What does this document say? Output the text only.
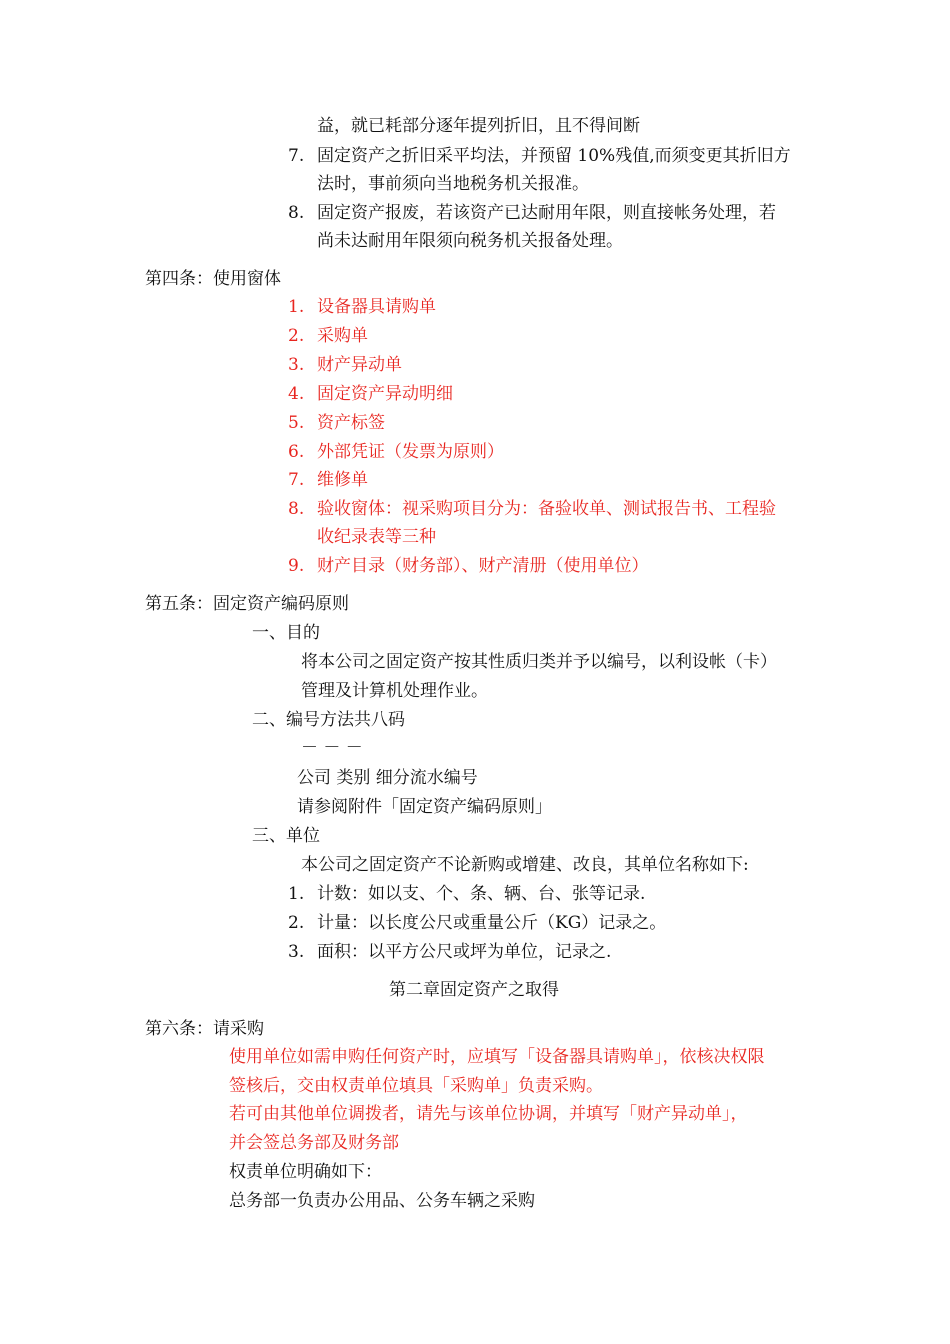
益，就已耗部分逐年提列折旧，且不得间断
7. 固定资产之折旧采平均法，并预留 10%残值,而须变更其折旧方
法时，事前须向当地税务机关报准。
8. 固定资产报废，若该资产已达耐用年限，则直接帐务处理，若
尚未达耐用年限须向税务机关报备处理。
第四条：使用窗体
1. 设备器具请购单
2. 采购单
3. 财产异动单
4. 固定资产异动明细
5. 资产标签
6. 外部凭证（发票为原则）
7. 维修单
8. 验收窗体：视采购项目分为：备验收单、测试报告书、工程验
收纪录表等三种
9. 财产目录（财务部）、财产清册（使用单位）
第五条：固定资产编码原则
一、目的
将本公司之固定资产按其性质归类并予以编号，以利设帐（卡）
管理及计算机处理作业。
二、编号方法共八码
－ － －
公司 类别 细分流水编号
请参阅附件「固定资产编码原则」
三、单位
本公司之固定资产不论新购或增建、改良，其单位名称如下:
1. 计数：如以支、个、条、辆、台、张等记录.
2. 计量：以长度公尺或重量公斤（KG）记录之。
3. 面积：以平方公尺或坪为单位，记录之.
第二章固定资产之取得
第六条：请采购
使用单位如需申购任何资产时，应填写「设备器具请购单」，依核决权限
签核后，交由权责单位填具「采购单」负责采购。
若可由其他单位调拨者，请先与该单位协调，并填写「财产异动单」，
并会签总务部及财务部
权责单位明确如下：
总务部一负责办公用品、公务车辆之采购
